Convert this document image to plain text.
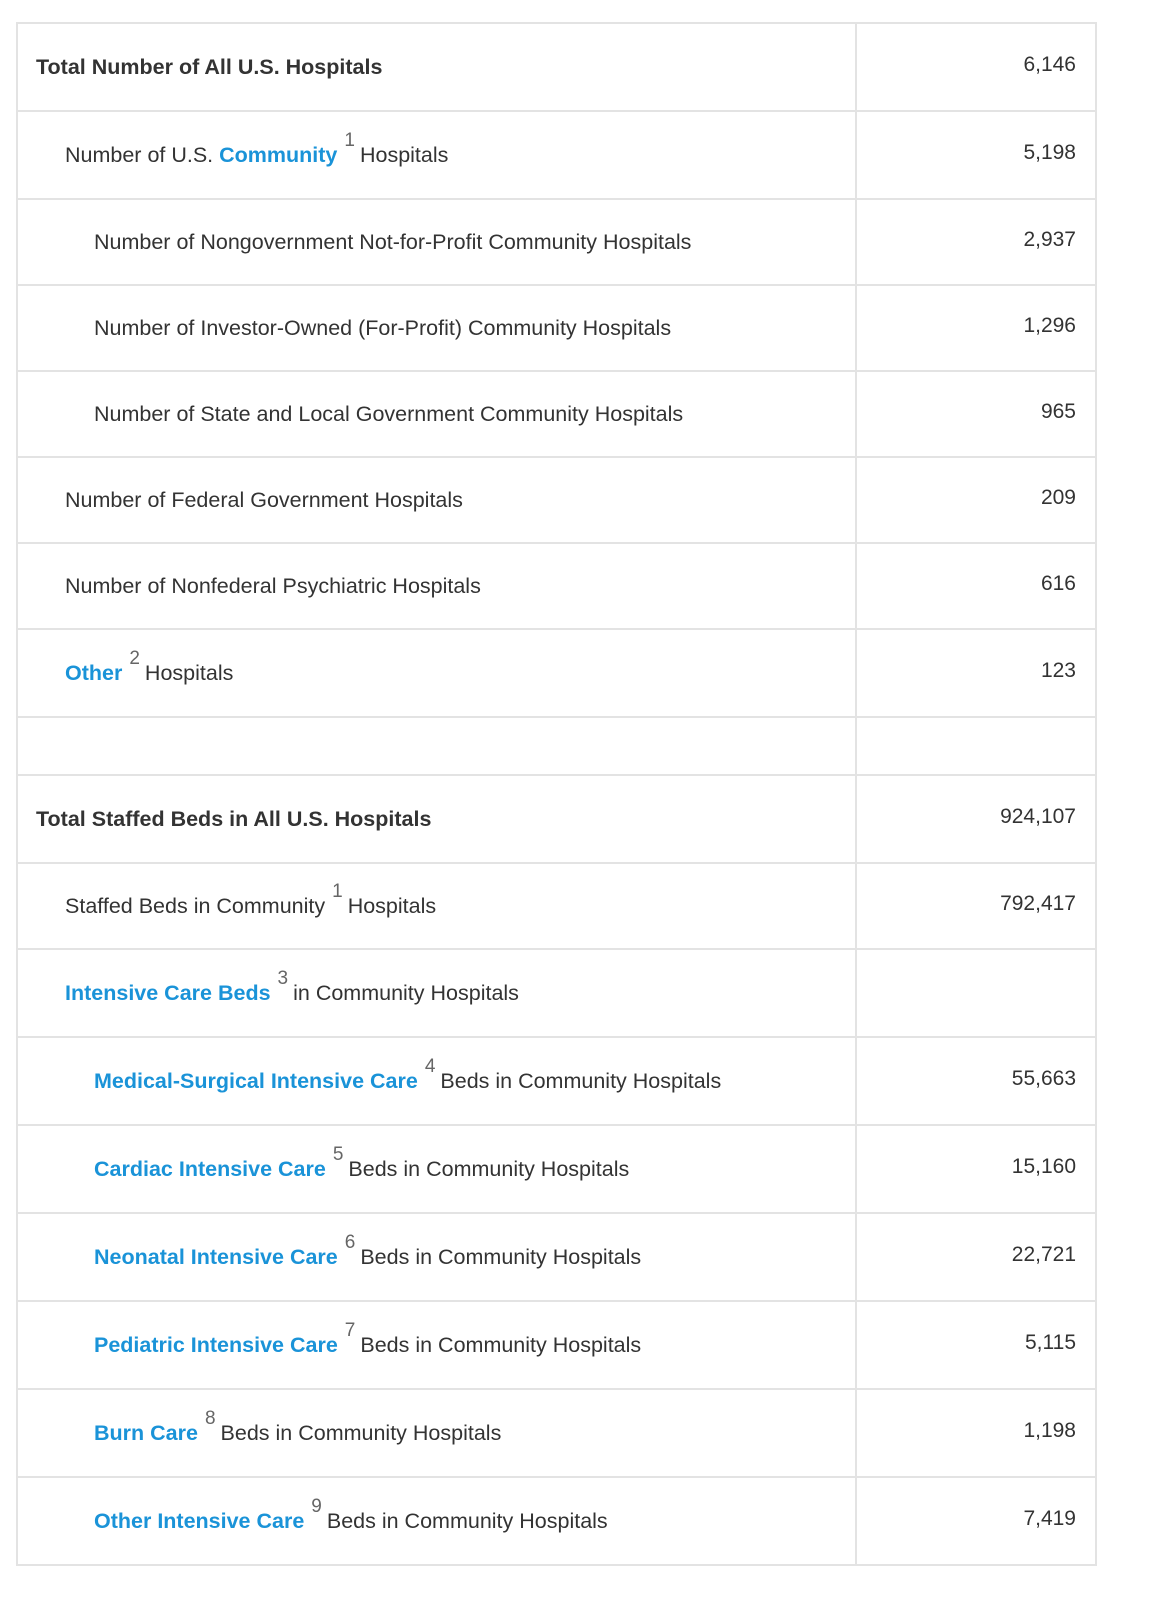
Total Number of All U.S. Hospitals	6,146
Number of U.S. Community
$^1$
Hospitals	5,198
Number of Nongovernment Not-for-Profit Community Hospitals	2,937
Number of Investor-Owned (For-Profit) Community Hospitals	1,296
Number of State and Local Government Community Hospitals	965
Number of Federal Government Hospitals	209
Number of Nonfederal Psychiatric Hospitals	616
Other
$^2$
Hospitals	123
Total Staffed Beds in All U.S. Hospitals	924,107
Staffed Beds in Community
$^1$
Hospitals	792,417
Intensive Care Beds
$^3$
in Community Hospitals
Medical-Surgical Intensive Care
$^4$
Beds in Community Hospitals	55,663
Cardiac Intensive Care
$^5$
Beds in Community Hospitals	15,160
Neonatal Intensive Care
$^6$
Beds in Community Hospitals	22,721
Pediatric Intensive Care
$^7$
Beds in Community Hospitals	5,115
Burn Care
$^8$
Beds in Community Hospitals	1,198
Other Intensive Care
$^9$
Beds in Community Hospitals	7,419
